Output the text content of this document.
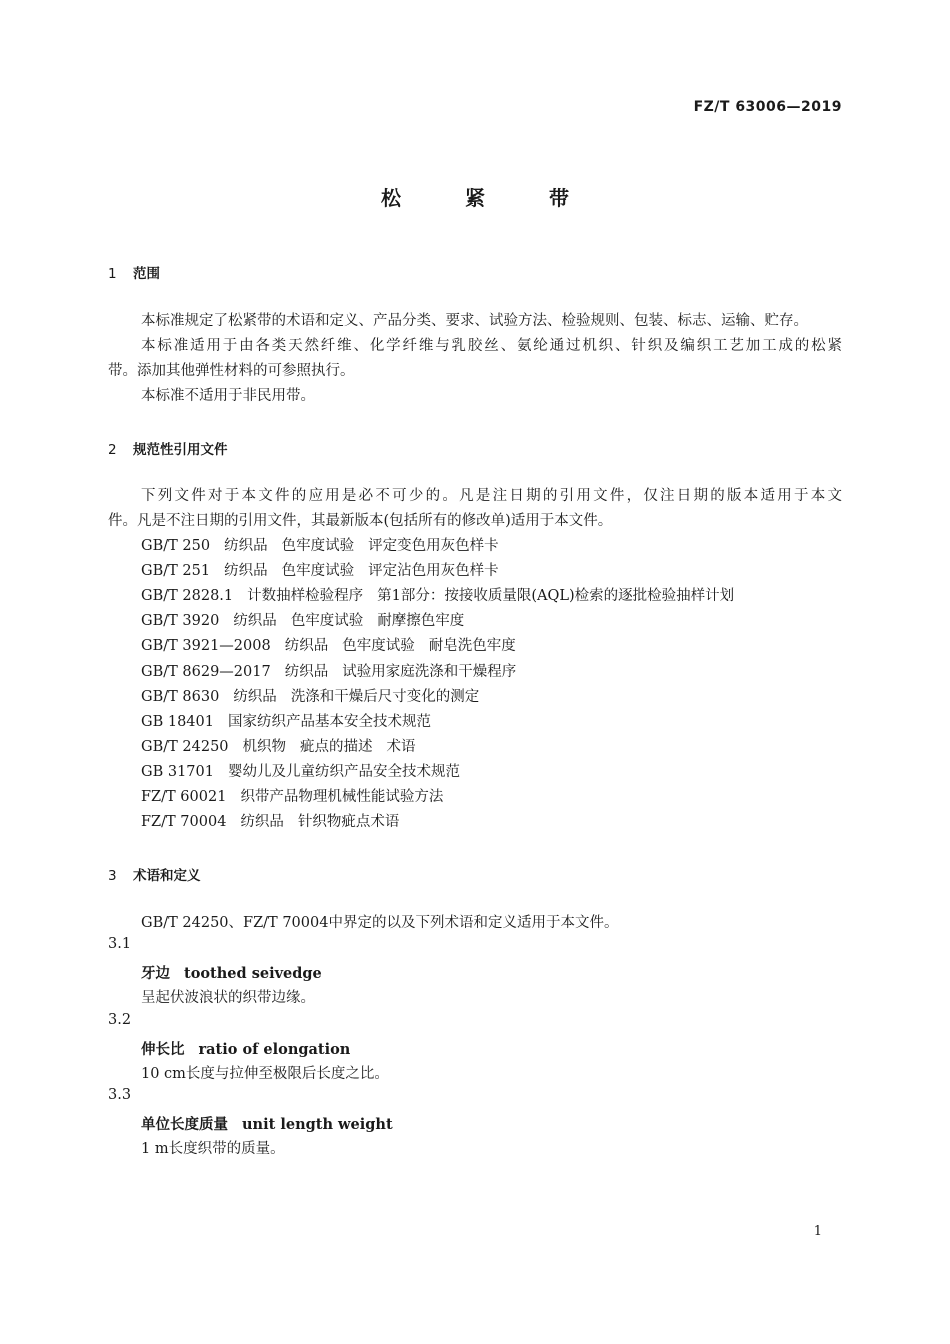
FZ/T 63006—2019
松	紧	带
1 范围
本标准规定了松紧带的术语和定义、产品分类、要求、试验方法、检验规则、包装、标志、运输、贮存。
本标准适用于由各类天然纤维、化学纤维与乳胶丝、氨纶通过机织、针织及编织工艺加工成的松紧
带。添加其他弹性材料的可参照执行。
本标准不适用于非民用带。
2 规范性引用文件
下列文件对于本文件的应用是必不可少的。凡是注日期的引用文件，仅注日期的版本适用于本文
件。凡是不注日期的引用文件，其最新版本(包括所有的修改单)适用于本文件。
GB/T 250 纺织品 色牢度试验 评定变色用灰色样卡
GB/T 251 纺织品 色牢度试验 评定沾色用灰色样卡
GB/T 2828.1 计数抽样检验程序 第1部分：按接收质量限(AQL)检索的逐批检验抽样计划
GB/T 3920 纺织品 色牢度试验 耐摩擦色牢度
GB/T 3921—2008 纺织品 色牢度试验 耐皂洗色牢度
GB/T 8629—2017 纺织品 试验用家庭洗涤和干燥程序
GB/T 8630 纺织品 洗涤和干燥后尺寸变化的测定
GB 18401 国家纺织产品基本安全技术规范
GB/T 24250 机织物 疵点的描述 术语
GB 31701 婴幼儿及儿童纺织产品安全技术规范
FZ/T 60021 织带产品物理机械性能试验方法
FZ/T 70004 纺织品 针织物疵点术语
3 术语和定义
GB/T 24250、FZ/T 70004中界定的以及下列术语和定义适用于本文件。
3.1
牙边 toothed seivedge
呈起伏波浪状的织带边缘。
3.2
伸长比 ratio of elongation
10 cm长度与拉伸至极限后长度之比。
3.3
单位长度质量 unit length weight
1 m长度织带的质量。
1
